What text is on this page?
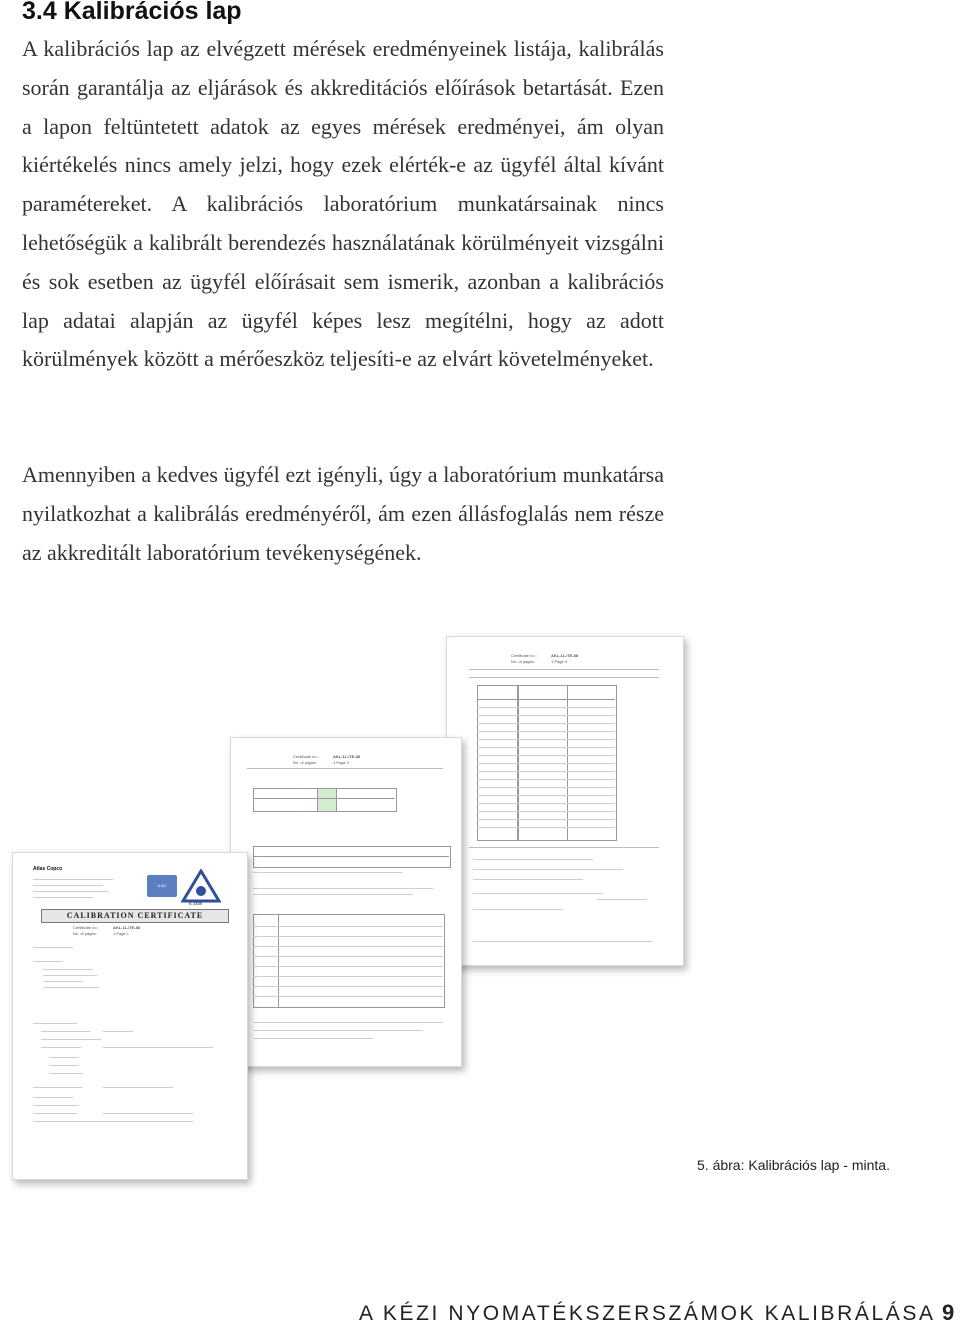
3.4 Kalibrációs lap

A kalibrációs lap az elvégzett mérések eredményeinek listája, kalibrálás során garantálja az eljárások és akkreditációs előírások betartását. Ezen a lapon feltüntetett adatok az egyes mérések eredményei, ám olyan kiértékelés nincs amely jelzi, hogy ezek elérték-e az ügyfél által kívánt paramétereket. A kalibrációs laboratórium munkatársainak nincs lehetőségük a kalibrált berendezés használatának körülményeit vizsgálni és sok esetben az ügyfél előírásait sem ismerik, azonban a kalibrációs lap adatai alapján az ügyfél képes lesz megítélni, hogy az adott körülmények között a mérőeszköz teljesíti-e az elvárt követelményeket.

Amennyiben a kedves ügyfél ezt igényli, úgy a laboratórium munkatársa nyilatkozhat a kalibrálás eredményéről, ám ezen állásfoglalás nem része az akkreditált laboratórium tevékenységének.

Certificate no.:	AKL-11-/TE-88
No. of pages:	1 Page 3
Certificate no.:	AKL-11-/TE-88
No. of pages:	1 Page 2
Atlas Copco
ILAC
K 2339
CALIBRATION CERTIFICATE
Certificate no.:	AKL-11-/TE-88
No. of pages:	1 Page 1

5. ábra: Kalibrációs lap - minta.

A KÉZI NYOMATÉKSZERSZÁMOK KALIBRÁLÁSA 9
